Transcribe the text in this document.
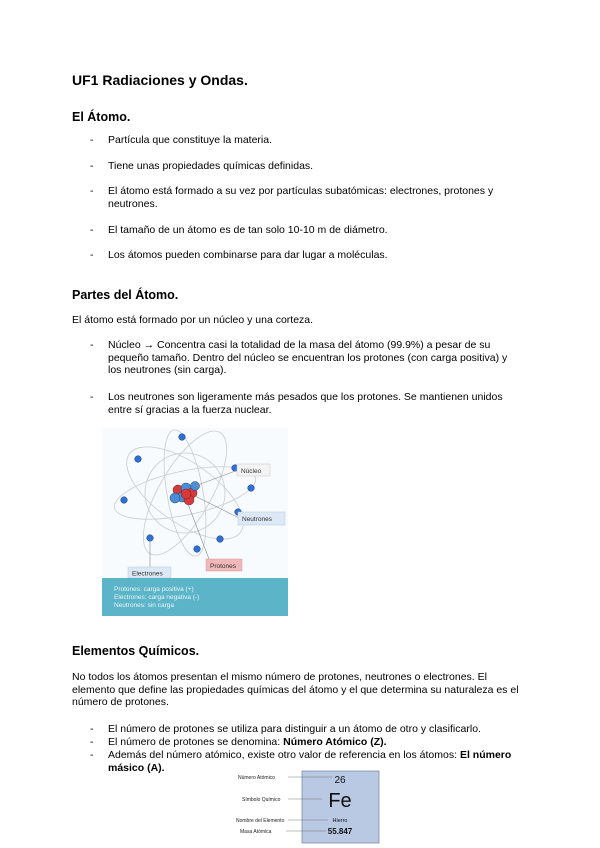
UF1 Radiaciones y Ondas.
El Átomo.
-	Partícula que constituye la materia.
-	Tiene unas propiedades químicas definidas.
-	El átomo está formado a su vez por partículas subatómicas: electrones, protones y neutrones.
-	El tamaño de un átomo es de tan solo 10-10 m de diámetro.
-	Los átomos pueden combinarse para dar lugar a moléculas.
Partes del Átomo.
El átomo está formado por un núcleo y una corteza.
-	Núcleo → Concentra casi la totalidad de la masa del átomo (99.9%) a pesar de su pequeño tamaño. Dentro del núcleo se encuentran los protones (con carga positiva) y los neutrones (sin carga).
-	Los neutrones son ligeramente más pesados que los protones. Se mantienen unidos entre sí gracias a la fuerza nuclear.
Núcleo
Neutrones
Protones
Electrones
Protones: carga positiva (+)
Electrones: carga negativa (-)
Neutrones: sin carga
Elementos Químicos.
No todos los átomos presentan el mismo número de protones, neutrones o electrones. El elemento que define las propiedades químicas del átomo y el que determina su naturaleza es el número de protones.
-	El número de protones se utiliza para distinguir a un átomo de otro y clasificarlo.
-	El número de protones se denomina: Número Atómico (Z).
-	Además del número atómico, existe otro valor de referencia en los átomos: El número másico (A).
Número Atómico
Símbolo Químico
Nombre del Elemento
Masa Atómica
26
Fe
Hierro
55.847
